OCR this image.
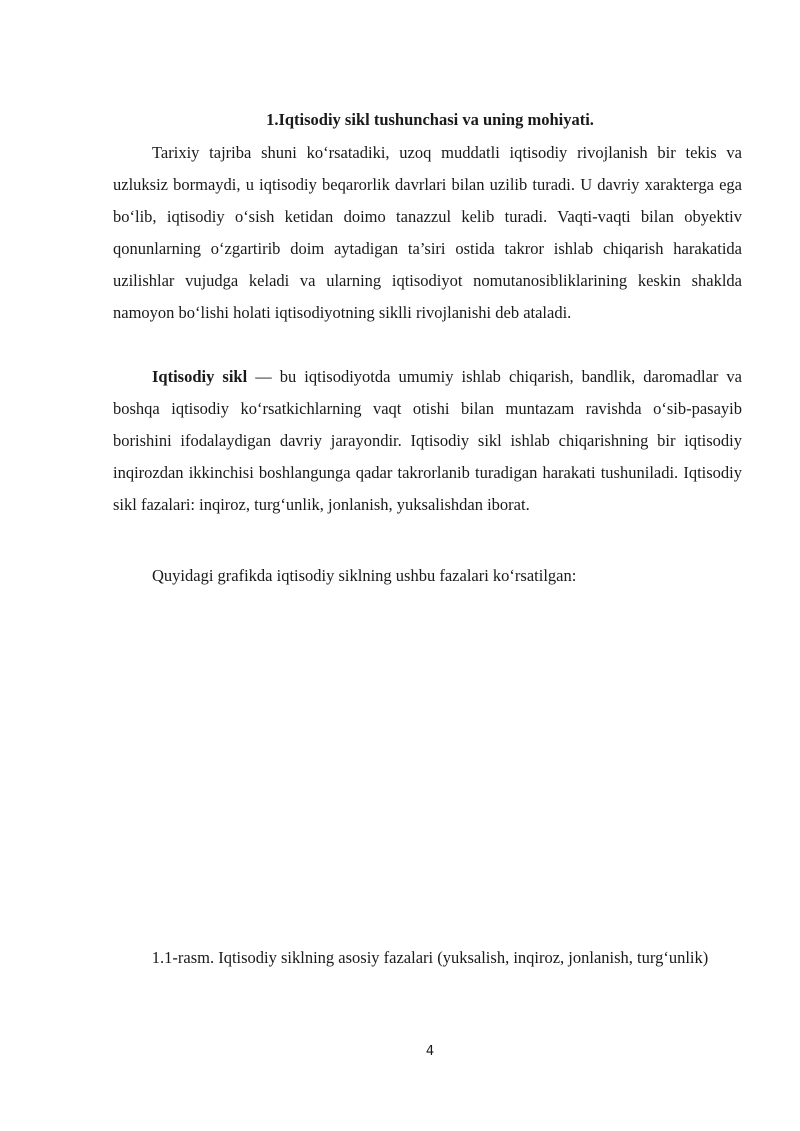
1.Iqtisodiy sikl tushunchasi va uning mohiyati.

Tarixiy tajriba shuni ko‘rsatadiki, uzoq muddatli iqtisodiy rivojlanish bir tekis va uzluksiz bormaydi, u iqtisodiy beqarorlik davrlari bilan uzilib turadi. U davriy xarakterga ega bo‘lib, iqtisodiy o‘sish ketidan doimo tanazzul kelib turadi. Vaqti-vaqti bilan obyektiv qonunlarning o‘zgartirib doim aytadigan ta’siri ostida takror ishlab chiqarish harakatida uzilishlar vujudga keladi va ularning iqtisodiyot nomutanosibliklarining keskin shaklda namoyon bo‘lishi holati iqtisodiyotning siklli rivojlanishi deb ataladi.

Iqtisodiy sikl — bu iqtisodiyotda umumiy ishlab chiqarish, bandlik, daromadlar va boshqa iqtisodiy ko‘rsatkichlarning vaqt otishi bilan muntazam ravishda o‘sib-pasayib borishini ifodalaydigan davriy jarayondir. Iqtisodiy sikl ishlab chiqarishning bir iqtisodiy inqirozdan ikkinchisi boshlangunga qadar takrorlanib turadigan harakati tushuniladi. Iqtisodiy sikl fazalari: inqiroz, turg‘unlik, jonlanish, yuksalishdan iborat.

Quyidagi grafikda iqtisodiy siklning ushbu fazalari ko‘rsatilgan:

1.1-rasm. Iqtisodiy siklning asosiy fazalari (yuksalish, inqiroz, jonlanish, turg‘unlik)
4
